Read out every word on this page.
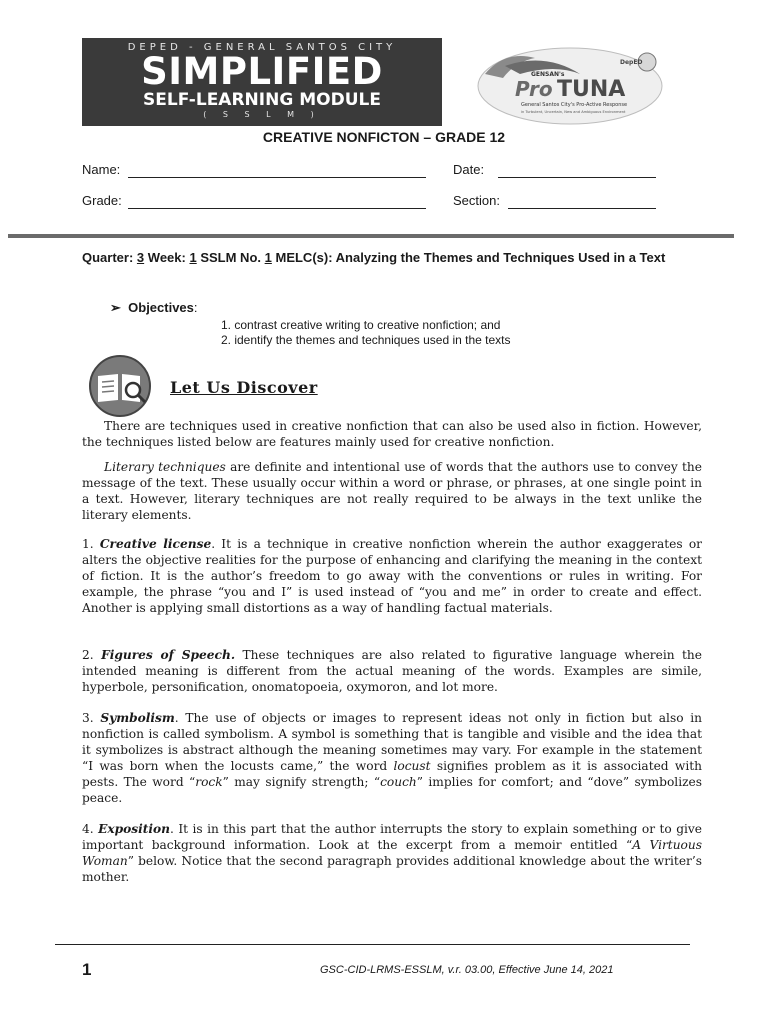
DEPED - GENERAL SANTOS CITY
SIMPLIFIED
SELF-LEARNING MODULE
( S S L M )
DepED
GENSAN's
Pro TUNA
General Santos City's Pro-Active Response
in Turbulent, Uncertain, New and Ambiguous Environment
CREATIVE NONFICTON – GRADE 12
Name:	Date:
Grade:	Section:
Quarter: 3 Week: 1 SSLM No. 1 MELC(s): Analyzing the Themes and Techniques Used in a Text
➢ Objectives:
1. contrast creative writing to creative nonfiction; and
2. identify the themes and techniques used in the texts
Let Us Discover
There are techniques used in creative nonfiction that can also be used also in fiction. However, the techniques listed below are features mainly used for creative nonfiction.
Literary techniques are definite and intentional use of words that the authors use to convey the message of the text. These usually occur within a word or phrase, or phrases, at one single point in a text. However, literary techniques are not really required to be always in the text unlike the literary elements.
1. Creative license. It is a technique in creative nonfiction wherein the author exaggerates or alters the objective realities for the purpose of enhancing and clarifying the meaning in the context of fiction. It is the author’s freedom to go away with the conventions or rules in writing. For example, the phrase “you and I” is used instead of “you and me” in order to create and effect. Another is applying small distortions as a way of handling factual materials.
2. Figures of Speech. These techniques are also related to figurative language wherein the intended meaning is different from the actual meaning of the words. Examples are simile, hyperbole, personification, onomatopoeia, oxymoron, and lot more.
3. Symbolism. The use of objects or images to represent ideas not only in fiction but also in nonfiction is called symbolism. A symbol is something that is tangible and visible and the idea that it symbolizes is abstract although the meaning sometimes may vary. For example in the statement “I was born when the locusts came,” the word locust signifies problem as it is associated with pests. The word “rock” may signify strength; “couch” implies for comfort; and “dove” symbolizes peace.
4. Exposition. It is in this part that the author interrupts the story to explain something or to give important background information. Look at the excerpt from a memoir entitled “A Virtuous Woman” below. Notice that the second paragraph provides additional knowledge about the writer’s mother.
1	GSC-CID-LRMS-ESSLM, v.r. 03.00, Effective June 14, 2021
